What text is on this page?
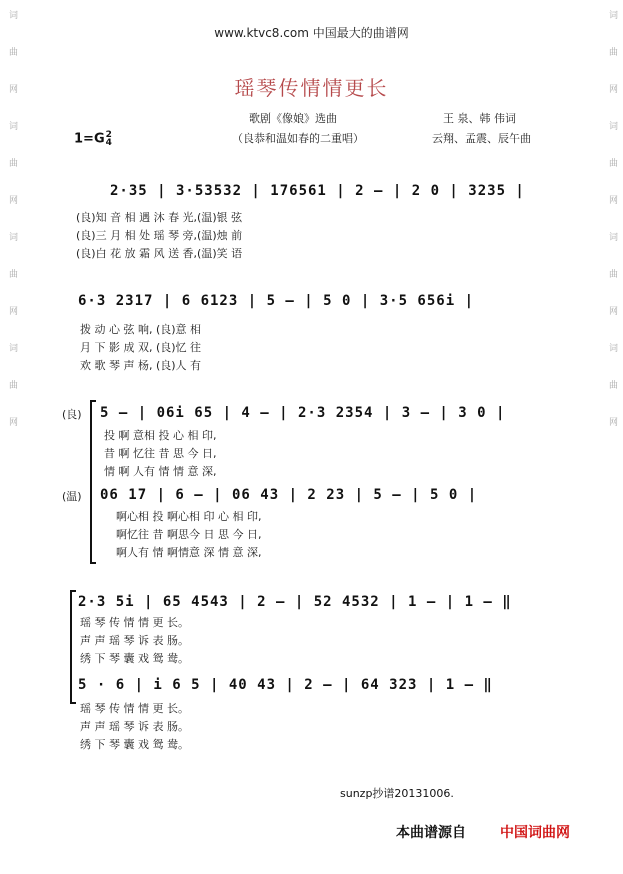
www.ktvc8.com 中国最大的曲谱网
瑶琴传情情更长
歌剧《像娘》选曲
（良恭和温如春的二重唱）
王 泉、韩 伟词
云翔、孟震、辰午曲
1=G2
4
词曲网词曲网词曲网词曲网	词曲网词曲网词曲网词曲网
2·35 | 3·53532 | 176561 | 2 – | 2 0 | 3235 |
(良)知 音 相 遇 沐 春 光,(温)银 弦
(良)三 月 相 处 瑶 琴 旁,(温)烛 前
(良)白 花 放 霜 风 送 香,(温)笑 语
6·3 2317 | 6 6123 | 5 – | 5 0 | 3·5 656i |
拨 动 心 弦 响, (良)意 相
月 下 影 成 双, (良)忆 往
欢 歌 琴 声 杨, (良)人 有
(良) 5 – | 06i 65 | 4 – | 2·3 2354 | 3 – | 3 0 |
投 啊 意相 投 心 相 印,
昔 啊 忆往 昔 思 今 日,
情 啊 人有 情 情 意 深,
(温) 06 17 | 6 – | 06 43 | 2 23 | 5 – | 5 0 |
啊心相 投 啊心相 印 心 相 印,
啊忆往 昔 啊思今 日 思 今 日,
啊人有 情 啊情意 深 情 意 深,
2·3 5i | 65 4543 | 2 – | 52 4532 | 1 – | 1 – ‖
瑶 琴 传 情 情 更 长。
声 声 瑶 琴 诉 表 肠。
绣 下 琴 囊 戏 鸳 鸯。
5 · 6 | i 6 5 | 40 43 | 2 – | 64 323 | 1 – ‖
瑶 琴 传 情 情 更 长。
声 声 瑶 琴 诉 表 肠。
绣 下 琴 囊 戏 鸳 鸯。
sunzp抄谱20131006.
本曲谱源自 中国词曲网
